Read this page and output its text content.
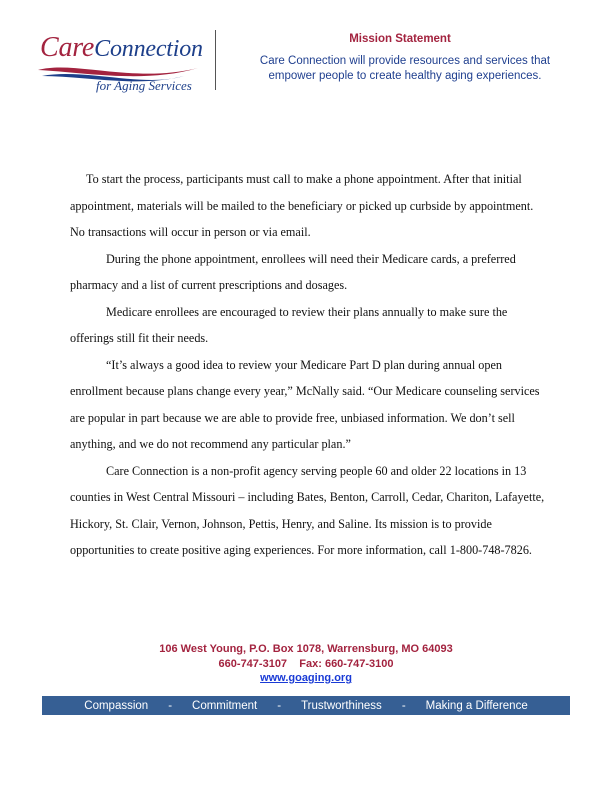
CareConnection
for Aging Services
Mission Statement
Care Connection will provide resources and services that empower people to create healthy aging experiences.

To start the process, participants must call to make a phone appointment. After that initial appointment, materials will be mailed to the beneficiary or picked up curbside by appointment. No transactions will occur in person or via email.

During the phone appointment, enrollees will need their Medicare cards, a preferred pharmacy and a list of current prescriptions and dosages.

Medicare enrollees are encouraged to review their plans annually to make sure the offerings still fit their needs.

“It’s always a good idea to review your Medicare Part D plan during annual open enrollment because plans change every year,” McNally said. “Our Medicare counseling services are popular in part because we are able to provide free, unbiased information. We don’t sell anything, and we do not recommend any particular plan.”

Care Connection is a non-profit agency serving people 60 and older 22 locations in 13 counties in West Central Missouri – including Bates, Benton, Carroll, Cedar, Chariton, Lafayette, Hickory, St. Clair, Vernon, Johnson, Pettis, Henry, and Saline. Its mission is to provide opportunities to create positive aging experiences. For more information, call 1-800-748-7826.

106 West Young, P.O. Box 1078, Warrensburg, MO 64093
660-747-3107    Fax: 660-747-3100
www.goaging.org
Compassion - Commitment - Trustworthiness - Making a Difference
